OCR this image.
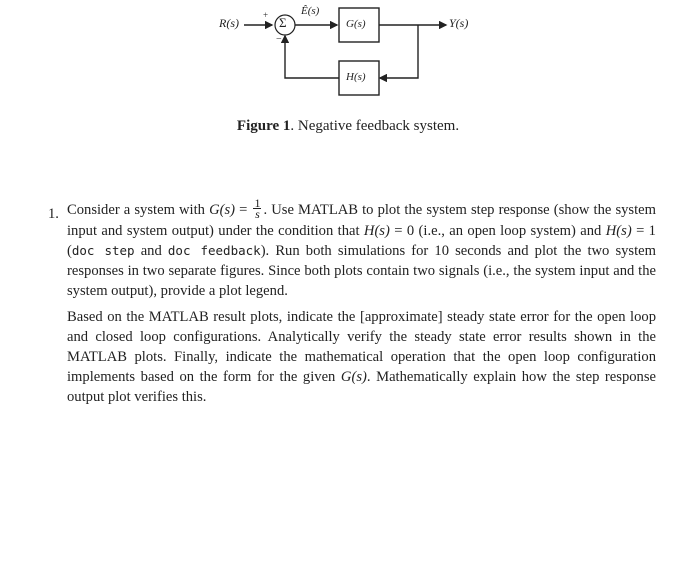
R(s)
Ê(s)
Σ
+
−
G(s)
H(s)
Y(s)
Figure 1. Negative feedback system.
1. Consider a system with $G(s) = \frac{1}{s}$ . Use MATLAB to plot the system step response (show the system input and system output) under the condition that H(s) = 0 (i.e., an open loop system) and H(s) = 1 (doc step and doc feedback). Run both simulations for 10 seconds and plot the two system responses in two separate figures. Since both plots contain two signals (i.e., the system input and the system output), provide a plot legend.

Based on the MATLAB result plots, indicate the [approximate] steady state error for the open loop and closed loop configurations. Analytically verify the steady state error results shown in the MATLAB plots. Finally, indicate the mathematical operation that the open loop configuration implements based on the form for the given G(s). Mathematically explain how the step response output plot verifies this.
